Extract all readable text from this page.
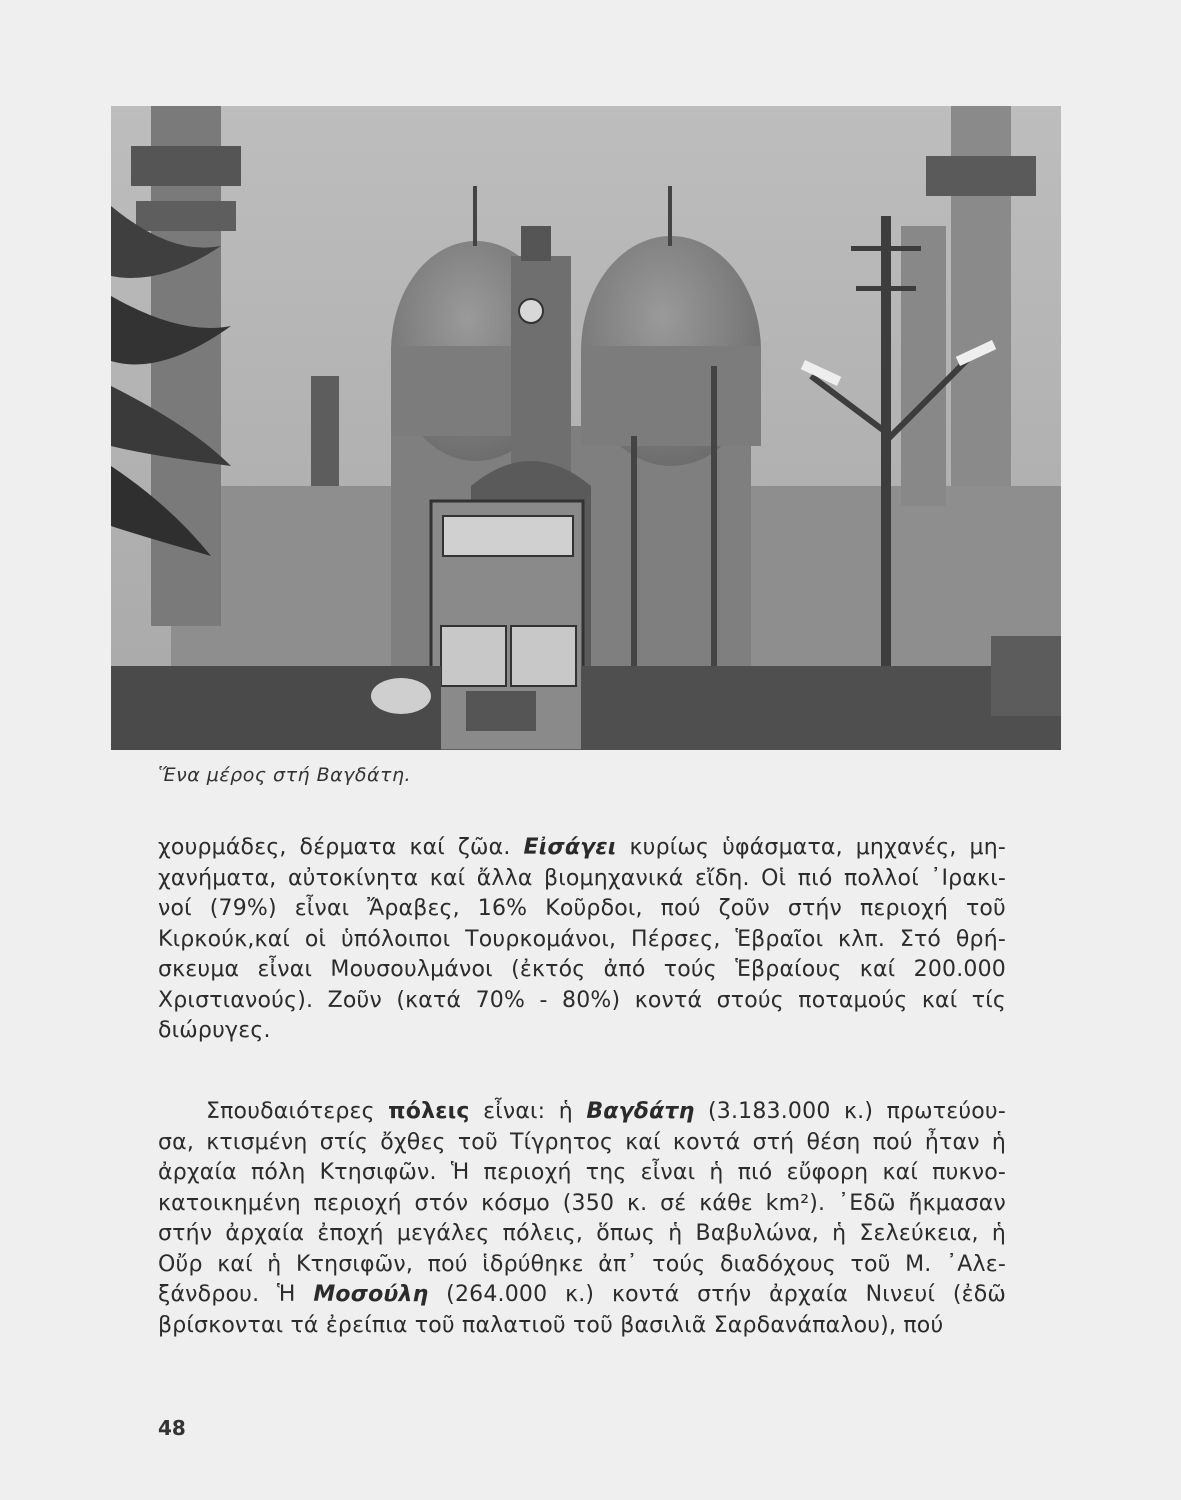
Ἕνα μέρος στή Βαγδάτη.
χουρμάδες, δέρματα καί ζῶα. Εἰσάγει κυρίως ὑφάσματα, μηχανές, μη-
χανήματα, αὐτοκίνητα καί ἄλλα βιομηχανικά εἴδη. Οἱ πιό πολλοί ᾿Ιρακι-
νοί (79%) εἶναι Ἄραβες, 16% Κοῦρδοι, πού ζοῦν στήν περιοχή τοῦ
Κιρκούκ,καί οἱ ὑπόλοιποι Τουρκομάνοι, Πέρσες, Ἑβραῖοι κλπ. Στό θρή-
σκευμα εἶναι Μουσουλμάνοι (ἐκτός ἀπό τούς Ἑβραίους καί 200.000
Χριστιανούς). Ζοῦν (κατά 70% - 80%) κοντά στούς ποταμούς καί τίς
διώρυγες.
Σπουδαιότερες πόλεις εἶναι: ἡ Βαγδάτη (3.183.000 κ.) πρωτεύου-
σα, κτισμένη στίς ὄχθες τοῦ Τίγρητος καί κοντά στή θέση πού ἦταν ἡ
ἀρχαία πόλη Κτησιφῶν. Ἡ περιοχή της εἶναι ἡ πιό εὔφορη καί πυκνο-
κατοικημένη περιοχή στόν κόσμο (350 κ. σέ κάθε km²). ᾿Εδῶ ἤκμασαν
στήν ἀρχαία ἐποχή μεγάλες πόλεις, ὅπως ἡ Βαβυλώνα, ἡ Σελεύκεια, ἡ
Οὔρ καί ἡ Κτησιφῶν, πού ἱδρύθηκε ἀπ᾿ τούς διαδόχους τοῦ Μ. ᾿Αλε-
ξάνδρου. Ἡ Μοσούλη (264.000 κ.) κοντά στήν ἀρχαία Νινευί (ἐδῶ
βρίσκονται τά ἐρείπια τοῦ παλατιοῦ τοῦ βασιλιᾶ Σαρδανάπαλου), πού
48
